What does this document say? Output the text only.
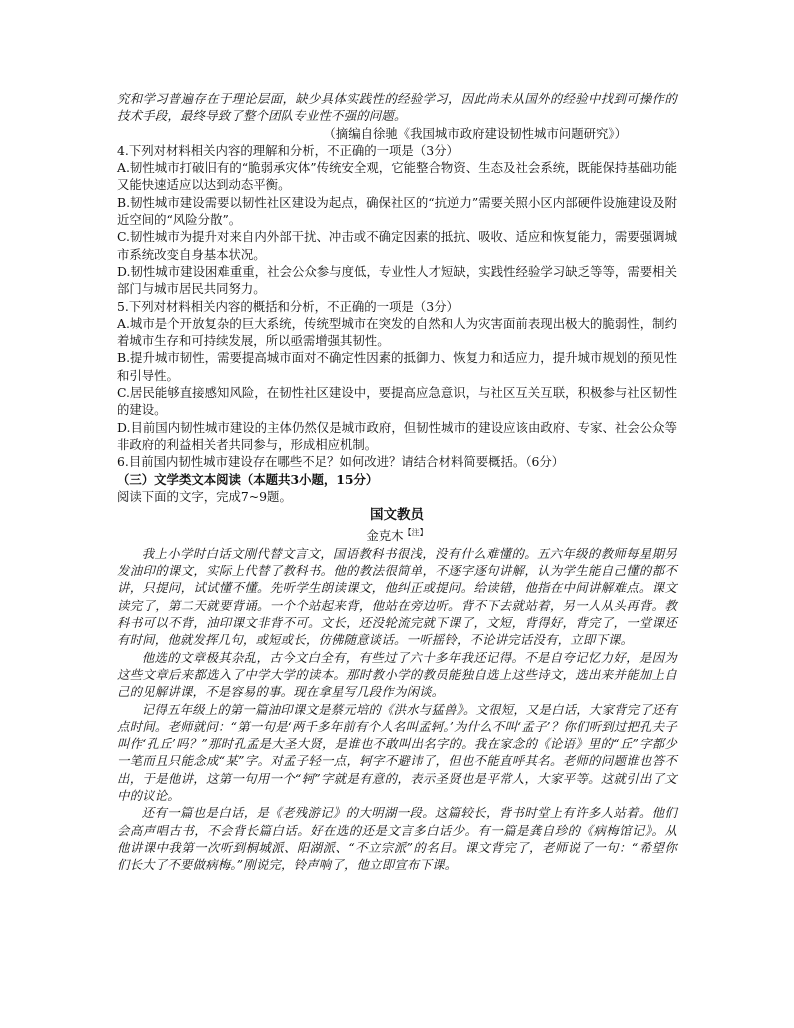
究和学习普遍存在于理论层面，缺少具体实践性的经验学习，因此尚未从国外的经验中找到可操作的技术手段，最终导致了整个团队专业性不强的问题。

（摘编自徐驰《我国城市政府建设韧性城市问题研究》）

4.下列对材料相关内容的理解和分析，不正确的一项是（3分）

A.韧性城市打破旧有的“脆弱承灾体”传统安全观，它能整合物资、生态及社会系统，既能保持基础功能又能快速适应以达到动态平衡。

B.韧性城市建设需要以韧性社区建设为起点，确保社区的“抗逆力”需要关照小区内部硬件设施建设及附近空间的“风险分散”。

C.韧性城市为提升对来自内外部干扰、冲击或不确定因素的抵抗、吸收、适应和恢复能力，需要强调城市系统改变自身基本状况。

D.韧性城市建设困难重重，社会公众参与度低，专业性人才短缺，实践性经验学习缺乏等等，需要相关部门与城市居民共同努力。

5.下列对材料相关内容的概括和分析，不正确的一项是（3分）

A.城市是个开放复杂的巨大系统，传统型城市在突发的自然和人为灾害面前表现出极大的脆弱性，制约着城市生存和可持续发展，所以亟需增强其韧性。

B.提升城市韧性，需要提高城市面对不确定性因素的抵御力、恢复力和适应力，提升城市规划的预见性和引导性。

C.居民能够直接感知风险，在韧性社区建设中，要提高应急意识，与社区互关互联，积极参与社区韧性的建设。

D.目前国内韧性城市建设的主体仍然仅是城市政府，但韧性城市的建设应该由政府、专家、社会公众等非政府的利益相关者共同参与，形成相应机制。

6.目前国内韧性城市建设存在哪些不足？如何改进？请结合材料简要概括。（6分）

（三）文学类文本阅读（本题共3小题，15分）

阅读下面的文字，完成7~9题。

国文教员

金克木$^{【注】}$

我上小学时白话文刚代替文言文，国语教科书很浅，没有什么难懂的。五六年级的教师每星期另发油印的课文，实际上代替了教科书。他的教法很简单，不逐字逐句讲解，认为学生能自己懂的都不讲，只提问，试试懂不懂。先听学生朗读课文，他纠正或提问。给读错，他指在中间讲解难点。课文读完了，第二天就要背诵。一个个站起来背，他站在旁边听。背不下去就站着，另一人从头再背。教科书可以不背，油印课文非背不可。文长，还没轮流完就下课了，文短，背得好，背完了，一堂课还有时间，他就发挥几句，或短或长，仿佛随意谈话。一听摇铃，不论讲完话没有，立即下课。

他选的文章极其杂乱，古今文白全有，有些过了六十多年我还记得。不是自夸记忆力好，是因为这些文章后来都选入了中学大学的读本。那时教小学的教员能独自选上这些诗文，选出来并能加上自己的见解讲课，不是容易的事。现在拿星写几段作为闲谈。

记得五年级上的第一篇油印课文是蔡元培的《洪水与猛兽》。文很短，又是白话，大家背完了还有点时间。老师就问：“第一句是‘两千多年前有个人名叫孟轲。’为什么不叫‘孟子’？你们听到过把孔夫子叫作‘孔丘’吗？”那时孔孟是大圣大贤，是谁也不敢叫出名字的。我在家念的《论语》里的“丘”字都少一笔而且只能念成“某”字。对孟子轻一点，轲字不避讳了，但也不能直呼其名。老师的问题谁也答不出，于是他讲，这第一句用一个“轲”字就是有意的，表示圣贤也是平常人，大家平等。这就引出了文中的议论。

还有一篇也是白话，是《老残游记》的大明湖一段。这篇较长，背书时堂上有许多人站着。他们会高声唱古书，不会背长篇白话。好在选的还是文言多白话少。有一篇是龚自珍的《病梅馆记》。从他讲课中我第一次听到桐城派、阳湖派、“不立宗派”的名目。课文背完了，老师说了一句：“希望你们长大了不要做病梅。”刚说完，铃声响了，他立即宣布下课。
